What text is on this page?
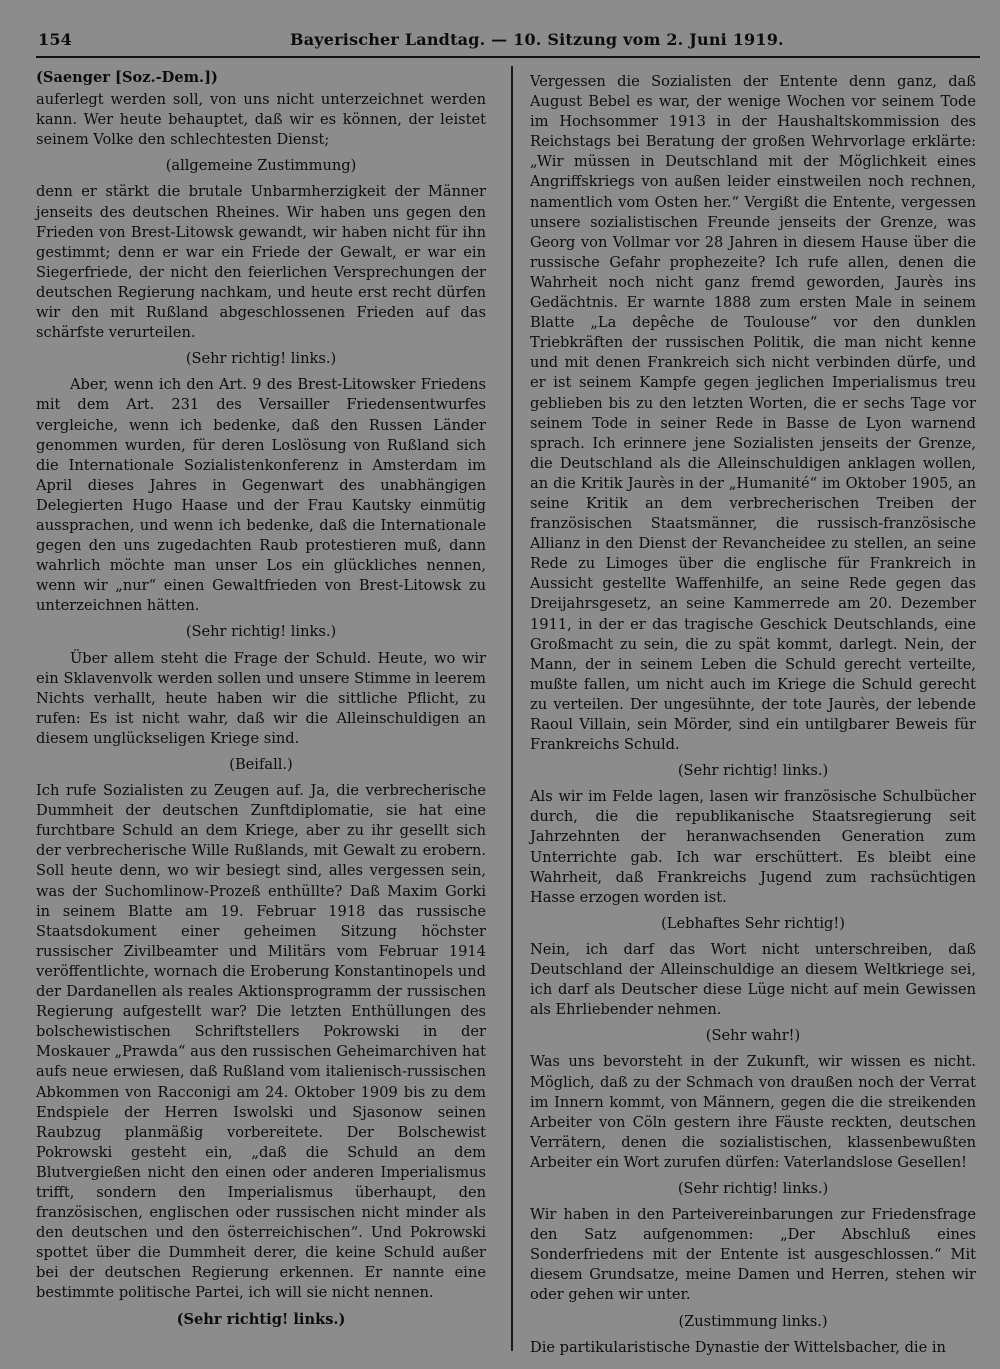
154	Bayerischer Landtag. — 10. Sitzung vom 2. Juni 1919.

(Saenger [Soz.-Dem.])

auferlegt werden soll, von uns nicht unterzeichnet werden kann. Wer heute behauptet, daß wir es können, der leistet seinem Volke den schlechtesten Dienst;

(allgemeine Zustimmung)

denn er stärkt die brutale Unbarmherzigkeit der Männer jenseits des deutschen Rheines. Wir haben uns gegen den Frieden von Brest-Litowsk gewandt, wir haben nicht für ihn gestimmt; denn er war ein Friede der Gewalt, er war ein Siegerfriede, der nicht den feierlichen Versprechungen der deutschen Regierung nachkam, und heute erst recht dürfen wir den mit Rußland abgeschlossenen Frieden auf das schärfste verurteilen.

(Sehr richtig! links.)

Aber, wenn ich den Art. 9 des Brest-Litowsker Friedens mit dem Art. 231 des Versailler Friedensentwurfes vergleiche, wenn ich bedenke, daß den Russen Länder genommen wurden, für deren Loslösung von Rußland sich die Internationale Sozialistenkonferenz in Amsterdam im April dieses Jahres in Gegenwart des unabhängigen Delegierten Hugo Haase und der Frau Kautsky einmütig aussprachen, und wenn ich bedenke, daß die Internationale gegen den uns zugedachten Raub protestieren muß, dann wahrlich möchte man unser Los ein glückliches nennen, wenn wir „nur“ einen Gewaltfrieden von Brest-Litowsk zu unterzeichnen hätten.

(Sehr richtig! links.)

Über allem steht die Frage der Schuld. Heute, wo wir ein Sklavenvolk werden sollen und unsere Stimme in leerem Nichts verhallt, heute haben wir die sittliche Pflicht, zu rufen: Es ist nicht wahr, daß wir die Alleinschuldigen an diesem unglückseligen Kriege sind.

(Beifall.)

Ich rufe Sozialisten zu Zeugen auf. Ja, die verbrecherische Dummheit der deutschen Zunftdiplomatie, sie hat eine furchtbare Schuld an dem Kriege, aber zu ihr gesellt sich der verbrecherische Wille Rußlands, mit Gewalt zu erobern. Soll heute denn, wo wir besiegt sind, alles vergessen sein, was der Suchomlinow-Prozeß enthüllte? Daß Maxim Gorki in seinem Blatte am 19. Februar 1918 das russische Staatsdokument einer geheimen Sitzung höchster russischer Zivilbeamter und Militärs vom Februar 1914 veröffentlichte, wornach die Eroberung Konstantinopels und der Dardanellen als reales Aktionsprogramm der russischen Regierung aufgestellt war? Die letzten Enthüllungen des bolschewistischen Schriftstellers Pokrowski in der Moskauer „Prawda“ aus den russischen Geheimarchiven hat aufs neue erwiesen, daß Rußland vom italienisch-russischen Abkommen von Racconigi am 24. Oktober 1909 bis zu dem Endspiele der Herren Iswolski und Sjasonow seinen Raubzug planmäßig vorbereitete. Der Bolschewist Pokrowski gesteht ein, „daß die Schuld an dem Blutvergießen nicht den einen oder anderen Imperialismus trifft, sondern den Imperialismus überhaupt, den französischen, englischen oder russischen nicht minder als den deutschen und den österreichischen“. Und Pokrowski spottet über die Dummheit derer, die keine Schuld außer bei der deutschen Regierung erkennen. Er nannte eine bestimmte politische Partei, ich will sie nicht nennen.

(Sehr richtig! links.)

Vergessen die Sozialisten der Entente denn ganz, daß August Bebel es war, der wenige Wochen vor seinem Tode im Hochsommer 1913 in der Haushaltskommission des Reichstags bei Beratung der großen Wehrvorlage erklärte: „Wir müssen in Deutschland mit der Möglichkeit eines Angriffskriegs von außen leider einstweilen noch rechnen, namentlich vom Osten her.“ Vergißt die Entente, vergessen unsere sozialistischen Freunde jenseits der Grenze, was Georg von Vollmar vor 28 Jahren in diesem Hause über die russische Gefahr prophezeite? Ich rufe allen, denen die Wahrheit noch nicht ganz fremd geworden, Jaurès ins Gedächtnis. Er warnte 1888 zum ersten Male in seinem Blatte „La depêche de Toulouse“ vor den dunklen Triebkräften der russischen Politik, die man nicht kenne und mit denen Frankreich sich nicht verbinden dürfe, und er ist seinem Kampfe gegen jeglichen Imperialismus treu geblieben bis zu den letzten Worten, die er sechs Tage vor seinem Tode in seiner Rede in Basse de Lyon warnend sprach. Ich erinnere jene Sozialisten jenseits der Grenze, die Deutschland als die Alleinschuldigen anklagen wollen, an die Kritik Jaurès in der „Humanité“ im Oktober 1905, an seine Kritik an dem verbrecherischen Treiben der französischen Staatsmänner, die russisch-französische Allianz in den Dienst der Revancheidee zu stellen, an seine Rede zu Limoges über die englische für Frankreich in Aussicht gestellte Waffenhilfe, an seine Rede gegen das Dreijahrsgesetz, an seine Kammerrede am 20. Dezember 1911, in der er das tragische Geschick Deutschlands, eine Großmacht zu sein, die zu spät kommt, darlegt. Nein, der Mann, der in seinem Leben die Schuld gerecht verteilte, mußte fallen, um nicht auch im Kriege die Schuld gerecht zu verteilen. Der ungesühnte, der tote Jaurès, der lebende Raoul Villain, sein Mörder, sind ein untilgbarer Beweis für Frankreichs Schuld.

(Sehr richtig! links.)

Als wir im Felde lagen, lasen wir französische Schulbücher durch, die die republikanische Staatsregierung seit Jahrzehnten der heranwachsenden Generation zum Unterrichte gab. Ich war erschüttert. Es bleibt eine Wahrheit, daß Frankreichs Jugend zum rachsüchtigen Hasse erzogen worden ist.

(Lebhaftes Sehr richtig!)

Nein, ich darf das Wort nicht unterschreiben, daß Deutschland der Alleinschuldige an diesem Weltkriege sei, ich darf als Deutscher diese Lüge nicht auf mein Gewissen als Ehrliebender nehmen.

(Sehr wahr!)

Was uns bevorsteht in der Zukunft, wir wissen es nicht. Möglich, daß zu der Schmach von draußen noch der Verrat im Innern kommt, von Männern, gegen die die streikenden Arbeiter von Cöln gestern ihre Fäuste reckten, deutschen Verrätern, denen die sozialistischen, klassenbewußten Arbeiter ein Wort zurufen dürfen: Vaterlandslose Gesellen!

(Sehr richtig! links.)

Wir haben in den Parteivereinbarungen zur Friedensfrage den Satz aufgenommen: „Der Abschluß eines Sonderfriedens mit der Entente ist ausgeschlossen.“ Mit diesem Grundsatze, meine Damen und Herren, stehen wir oder gehen wir unter.

(Zustimmung links.)

Die partikularistische Dynastie der Wittelsbacher, die in
